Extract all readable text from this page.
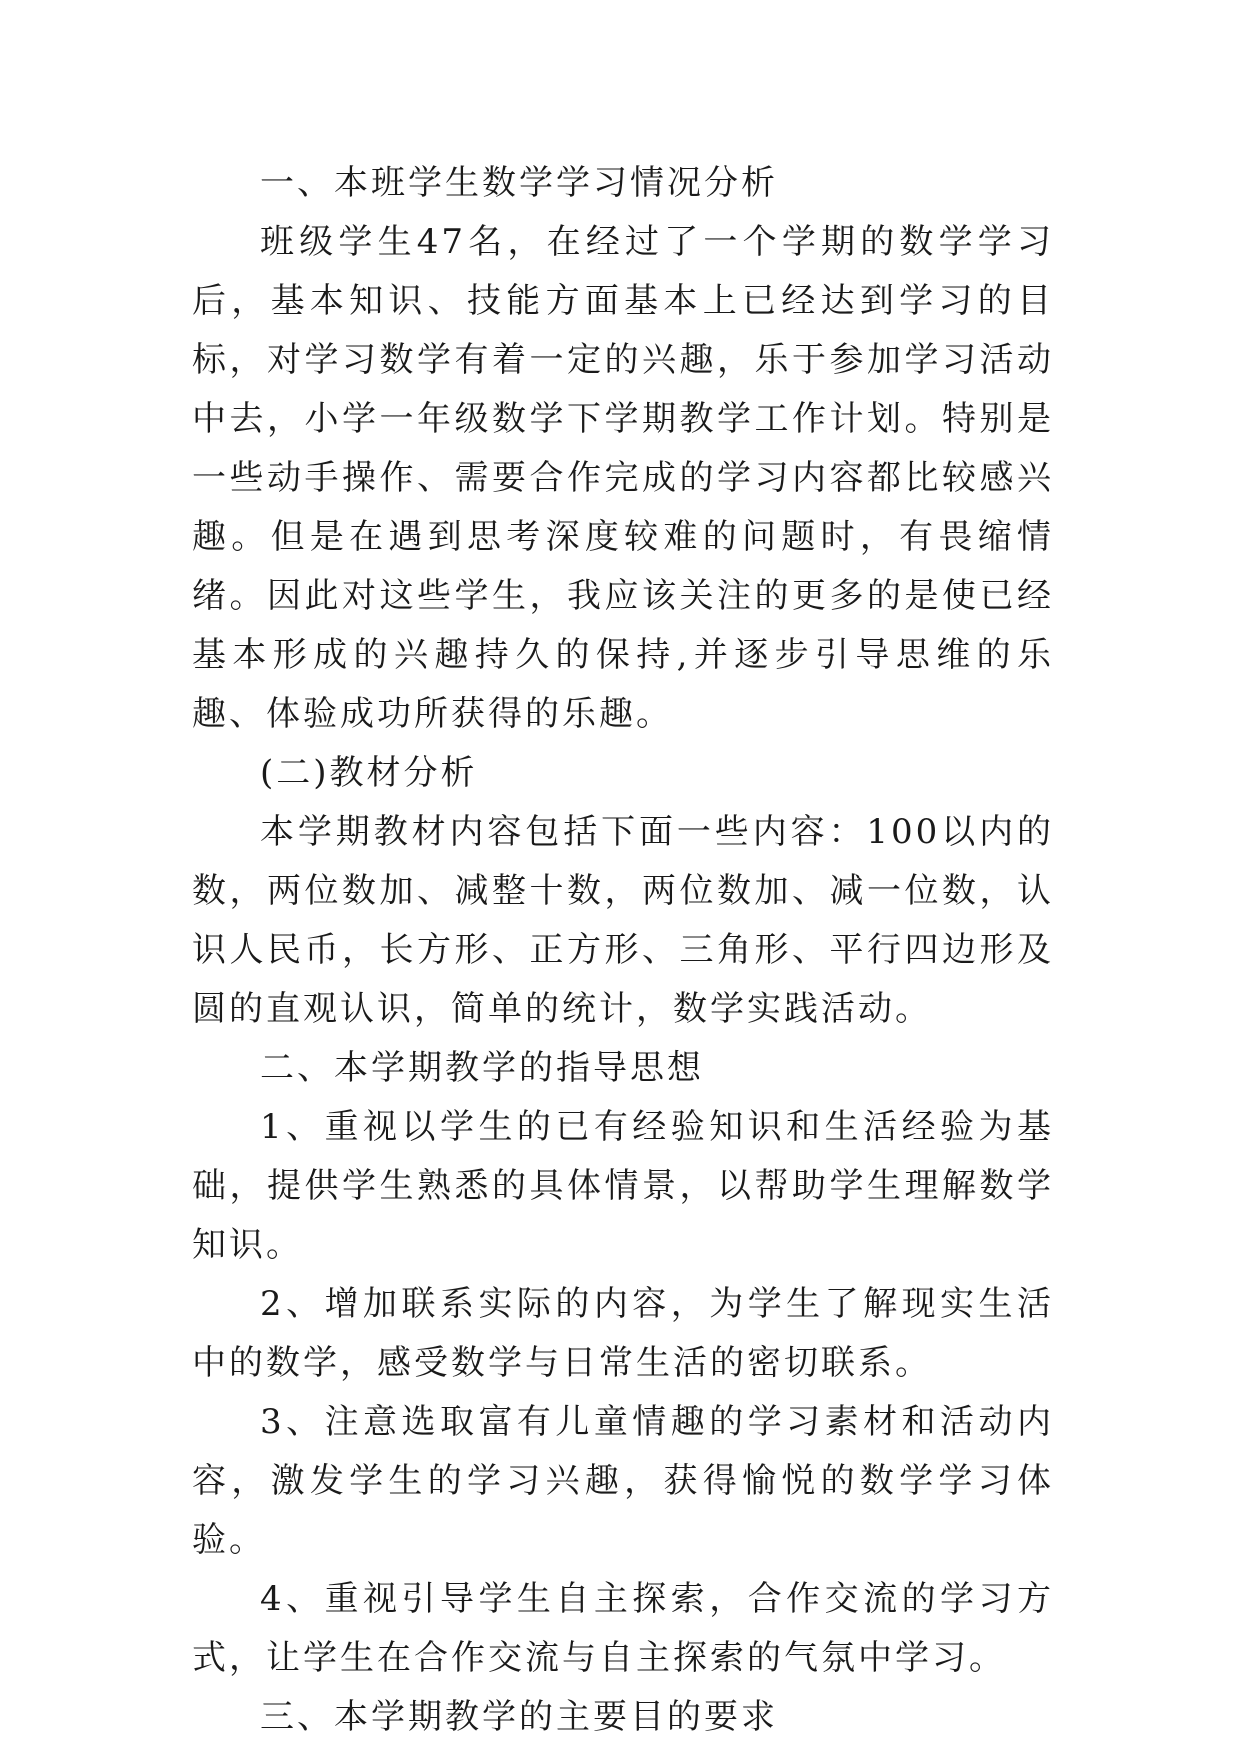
一、本班学生数学学习情况分析

班级学生47名，在经过了一个学期的数学学习后，基本知识、技能方面基本上已经达到学习的目标，对学习数学有着一定的兴趣，乐于参加学习活动中去，小学一年级数学下学期教学工作计划。特别是一些动手操作、需要合作完成的学习内容都比较感兴趣。但是在遇到思考深度较难的问题时，有畏缩情绪。因此对这些学生，我应该关注的更多的是使已经基本形成的兴趣持久的保持,并逐步引导思维的乐趣、体验成功所获得的乐趣。

(二)教材分析

本学期教材内容包括下面一些内容：100以内的数，两位数加、减整十数，两位数加、减一位数，认识人民币，长方形、正方形、三角形、平行四边形及圆的直观认识，简单的统计，数学实践活动。

二、本学期教学的指导思想

1、重视以学生的已有经验知识和生活经验为基础，提供学生熟悉的具体情景，以帮助学生理解数学知识。

2、增加联系实际的内容，为学生了解现实生活中的数学，感受数学与日常生活的密切联系。

3、注意选取富有儿童情趣的学习素材和活动内容，激发学生的学习兴趣，获得愉悦的数学学习体验。

4、重视引导学生自主探索，合作交流的学习方式，让学生在合作交流与自主探索的气氛中学习。

三、本学期教学的主要目的要求
